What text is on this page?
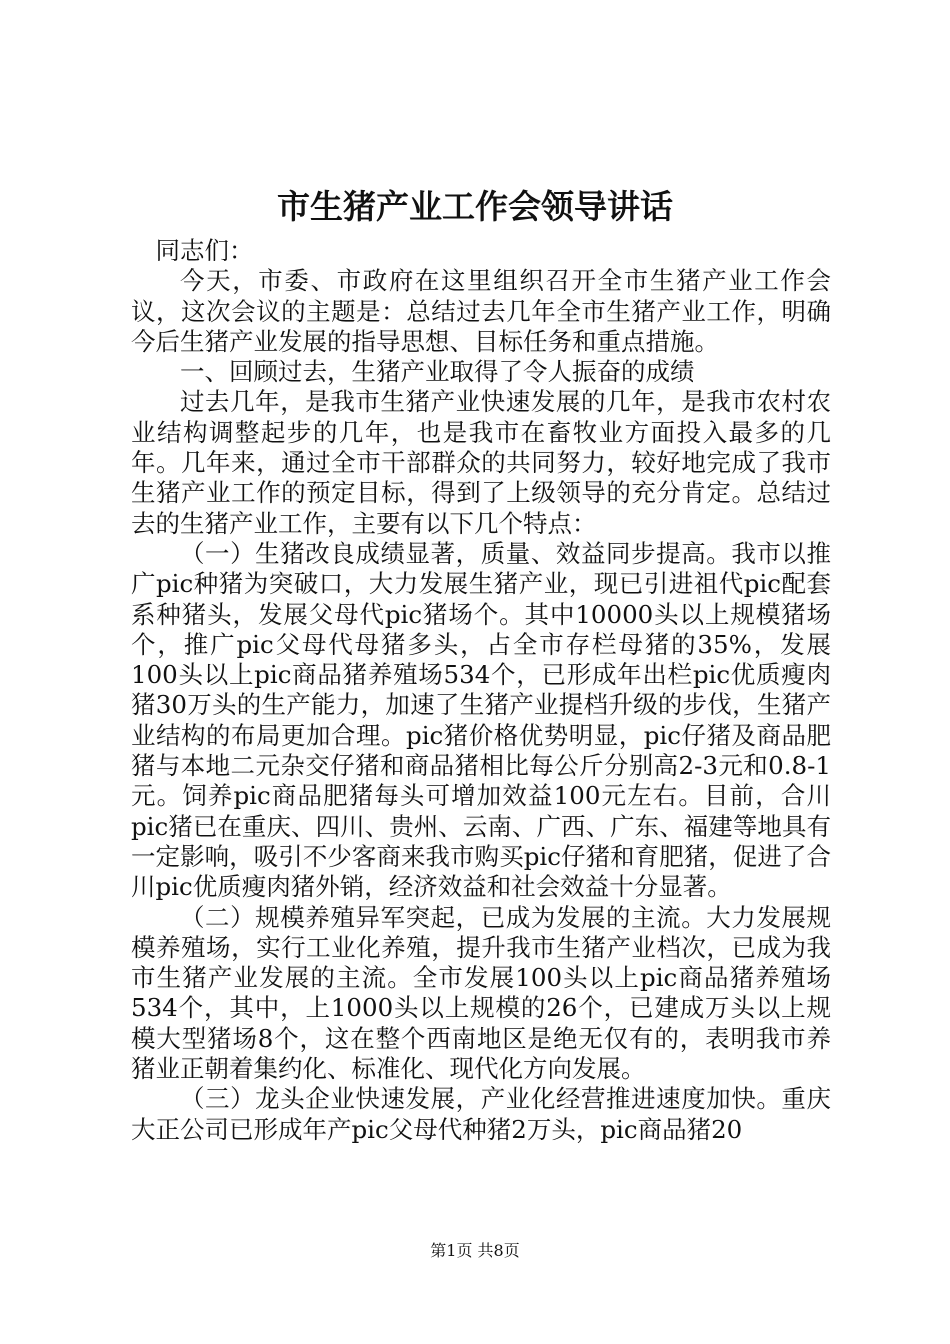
市生猪产业工作会领导讲话

同志们：

今天，市委、市政府在这里组织召开全市生猪产业工作会议，这次会议的主题是：总结过去几年全市生猪产业工作，明确今后生猪产业发展的指导思想、目标任务和重点措施。

一、回顾过去，生猪产业取得了令人振奋的成绩

过去几年，是我市生猪产业快速发展的几年，是我市农村农业结构调整起步的几年，也是我市在畜牧业方面投入最多的几年。几年来，通过全市干部群众的共同努力，较好地完成了我市生猪产业工作的预定目标，得到了上级领导的充分肯定。总结过去的生猪产业工作，主要有以下几个特点：

（一）生猪改良成绩显著，质量、效益同步提高。我市以推广pic种猪为突破口，大力发展生猪产业，现已引进祖代pic配套系种猪头，发展父母代pic猪场个。其中10000头以上规模猪场个，推广pic父母代母猪多头，占全市存栏母猪的35%，发展100头以上pic商品猪养殖场534个，已形成年出栏pic优质瘦肉猪30万头的生产能力，加速了生猪产业提档升级的步伐，生猪产业结构的布局更加合理。pic猪价格优势明显，pic仔猪及商品肥猪与本地二元杂交仔猪和商品猪相比每公斤分别高2-3元和0.8-1元。饲养pic商品肥猪每头可增加效益100元左右。目前，合川pic猪已在重庆、四川、贵州、云南、广西、广东、福建等地具有一定影响，吸引不少客商来我市购买pic仔猪和育肥猪，促进了合川pic优质瘦肉猪外销，经济效益和社会效益十分显著。

（二）规模养殖异军突起，已成为发展的主流。大力发展规模养殖场，实行工业化养殖，提升我市生猪产业档次，已成为我市生猪产业发展的主流。全市发展100头以上pic商品猪养殖场534个，其中，上1000头以上规模的26个，已建成万头以上规模大型猪场8个，这在整个西南地区是绝无仅有的，表明我市养猪业正朝着集约化、标准化、现代化方向发展。

（三）龙头企业快速发展，产业化经营推进速度加快。重庆大正公司已形成年产pic父母代种猪2万头，pic商品猪20

第1页 共8页
